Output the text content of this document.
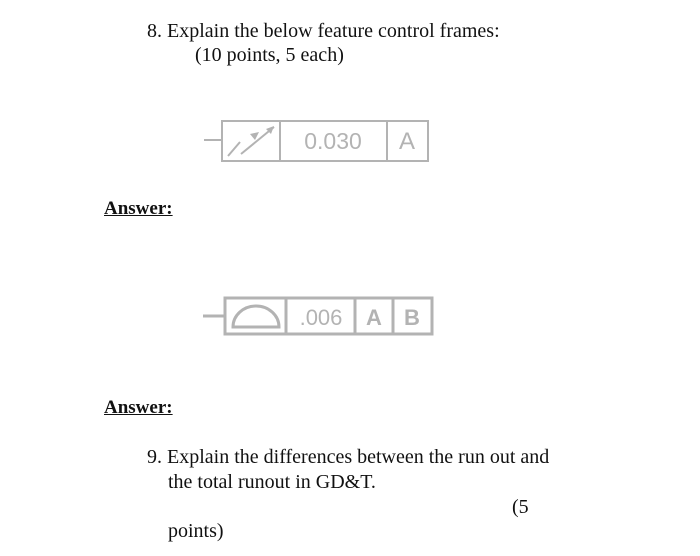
8. Explain the below feature control frames:
(10 points, 5 each)
0.030 A
Answer:
.006 A B
Answer:
9. Explain the differences between the run out and
the total runout in GD&T.
(5
points)
